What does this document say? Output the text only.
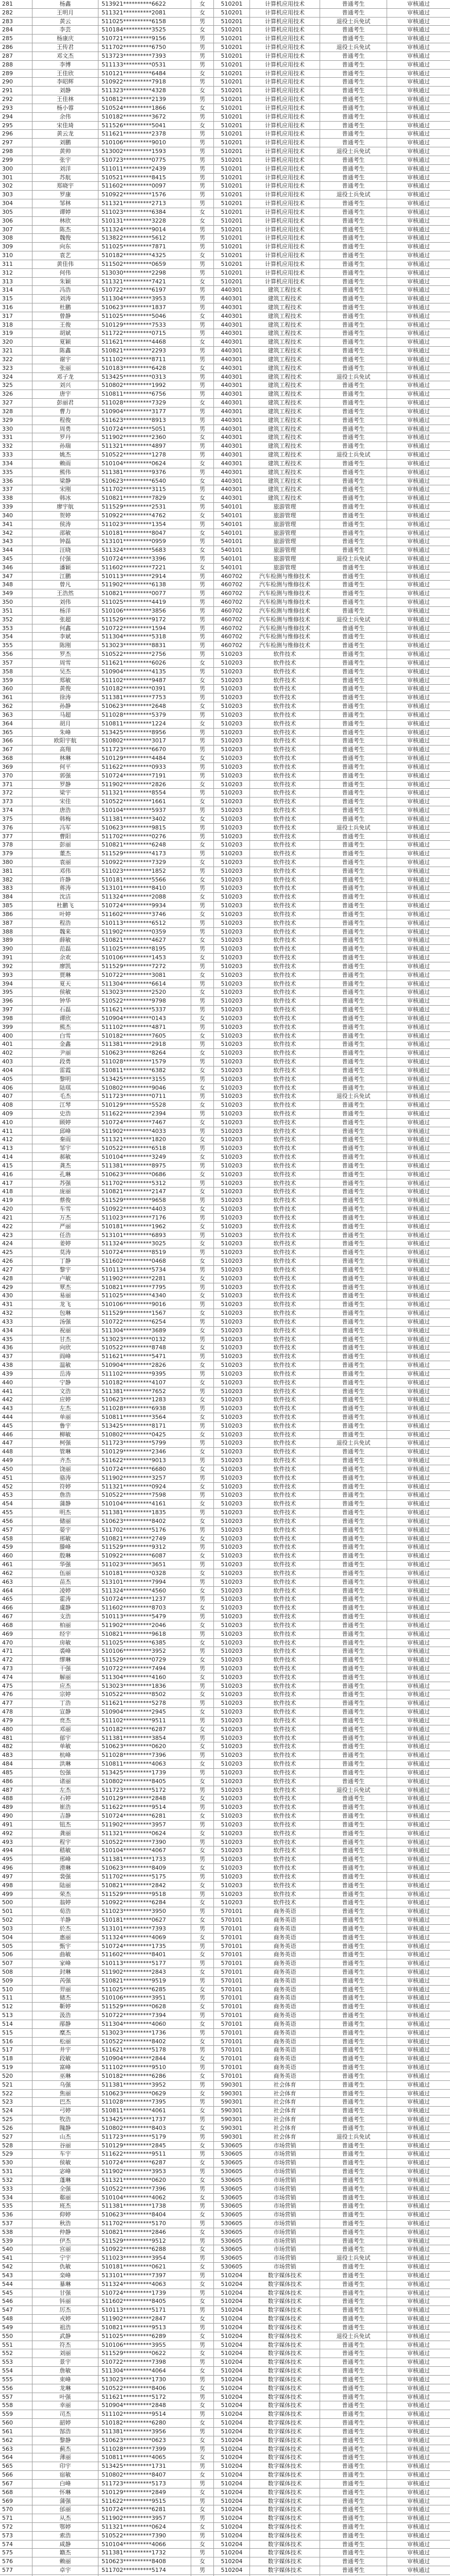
281	杨鑫	513921**********6622	女	510201	计算机应用技术	普通考生	审核通过
282	王明月	511321**********2081	女	510201	计算机应用技术	普通考生	审核通过
283	黄云	511025**********6158	男	510201	计算机应用技术	退役士兵免试	审核通过
284	李芸	510184**********3525	女	510201	计算机应用技术	普通考生	审核通过
285	杨康庆	510721**********9156	男	510201	计算机应用技术	普通考生	审核通过
286	王传君	511702**********6750	男	510201	计算机应用技术	退役士兵免试	审核通过
287	邓文杰	513723**********7393	男	510201	计算机应用技术	普通考生	审核通过
288	李博	511133**********0531	男	510201	计算机应用技术	普通考生	审核通过
289	王佳欣	510121**********6484	女	510201	计算机应用技术	普通考生	审核通过
290	李昭辉	510922**********7918	男	510201	计算机应用技术	普通考生	审核通过
291	刘静	511323**********4328	女	510201	计算机应用技术	普通考生	审核通过
292	王佳林	510812**********2139	男	510201	计算机应用技术	普通考生	审核通过
293	杨小蓉	510524**********1866	女	510201	计算机应用技术	普通考生	审核通过
294	余伟	510182**********3672	男	510201	计算机应用技术	普通考生	审核通过
295	宋佳琦	511526**********5041	女	510201	计算机应用技术	普通考生	审核通过
296	黄云龙	511621**********2378	男	510201	计算机应用技术	普通考生	审核通过
297	刘鹏	510106**********9010	男	510201	计算机应用技术	普通考生	审核通过
298	黄帅	513002**********1593	男	510201	计算机应用技术	退役士兵免试	审核通过
299	张宇	510723**********0775	男	510201	计算机应用技术	普通考生	审核通过
300	刘洋	511011**********2439	男	510201	计算机应用技术	普通考生	审核通过
301	苏航	510521**********8415	男	510201	计算机应用技术	普通考生	审核通过
302	郑晓宇	511602**********0097	男	510201	计算机应用技术	普通考生	审核通过
303	罗康	510922**********1576	男	510201	计算机应用技术	退役士兵免试	审核通过
304	邹林	511321**********2713	男	510201	计算机应用技术	普通考生	审核通过
305	谭婷	511023**********6384	女	510201	计算机应用技术	普通考生	审核通过
306	林欣	510131**********3228	女	510201	计算机应用技术	普通考生	审核通过
307	陈杰	511324**********9014	男	510201	计算机应用技术	普通考生	审核通过
308	魏俊	513822**********5612	男	510201	计算机应用技术	普通考生	审核通过
309	向东	511025**********7871	男	510201	计算机应用技术	普通考生	审核通过
310	袁艺	510182**********4325	女	510201	计算机应用技术	普通考生	审核通过
311	黄佳伟	511502**********0659	男	510201	计算机应用技术	普通考生	审核通过
312	何伟	513030**********2298	男	510201	计算机应用技术	普通考生	审核通过
313	朱颖	511321**********7421	女	510201	计算机应用技术	普通考生	审核通过
314	冯浩	510722**********6197	男	440301	建筑工程技术	普通考生	审核通过
315	刘涛	511304**********3953	男	440301	建筑工程技术	普通考生	审核通过
316	杜鹏	510623**********1837	男	440301	建筑工程技术	普通考生	审核通过
317	曾静	511025**********5046	女	440301	建筑工程技术	普通考生	审核通过
318	王俊	510129**********7533	男	440301	建筑工程技术	普通考生	审核通过
319	胡斌	511722**********0715	男	440301	建筑工程技术	普通考生	审核通过
320	夏颖	511621**********4468	女	440301	建筑工程技术	普通考生	审核通过
321	陈鑫	510821**********2293	男	440301	建筑工程技术	普通考生	审核通过
322	谢宇	511102**********8711	男	440301	建筑工程技术	普通考生	审核通过
323	张丽	510183**********6428	女	440301	建筑工程技术	普通考生	审核通过
324	邓子龙	513425**********0313	男	440301	建筑工程技术	退役士兵免试	审核通过
325	刘兴	510802**********1992	男	440301	建筑工程技术	普通考生	审核通过
326	唐宇	510811**********6756	男	440301	建筑工程技术	普通考生	审核通过
327	彭丽君	511028**********7329	女	440301	建筑工程技术	普通考生	审核通过
328	曹力	510904**********3177	男	440301	建筑工程技术	普通考生	审核通过
329	程俊	511623**********8913	男	440301	建筑工程技术	普通考生	审核通过
330	周勇	510724**********5051	男	440301	建筑工程技术	普通考生	审核通过
331	罗丹	511902**********2360	女	440301	建筑工程技术	普通考生	审核通过
332	孙瑞	511321**********4897	男	440301	建筑工程技术	普通考生	审核通过
333	姚杰	510522**********1278	男	440301	建筑工程技术	退役士兵免试	审核通过
334	赖雨	510104**********0624	女	440301	建筑工程技术	普通考生	审核通过
335	熊伟	511381**********9376	男	440301	建筑工程技术	普通考生	审核通过
336	梁静	510623**********6540	女	440301	建筑工程技术	普通考生	审核通过
337	宋刚	511702**********3115	男	440301	建筑工程技术	普通考生	审核通过
338	韩冰	510821**********7829	女	440301	建筑工程技术	普通考生	审核通过
339	廖宇航	511529**********2531	男	540101	旅游管理	普通考生	审核通过
340	贺婷	510922**********4762	女	540101	旅游管理	普通考生	审核通过
341	侯涛	511023**********1354	男	540101	旅游管理	普通考生	审核通过
342	邵敏	510181**********8047	女	540101	旅游管理	普通考生	审核通过
343	钟磊	513101**********0959	男	540101	旅游管理	普通考生	审核通过
344	汪晓	511324**********5683	女	540101	旅游管理	普通考生	审核通过
345	付强	510724**********3396	男	540101	旅游管理	退役士兵免试	审核通过
346	潘颖	511602**********7221	女	540101	旅游管理	普通考生	审核通过
347	江鹏	510113**********2914	男	460702	汽车检测与维修技术	普通考生	审核通过
348	曾凡	511902**********6138	男	460702	汽车检测与维修技术	普通考生	审核通过
349	王浩然	510821**********0077	男	460702	汽车检测与维修技术	普通考生	审核通过
350	刘伟	511025**********4419	男	460702	汽车检测与维修技术	普通考生	审核通过
351	杨洋	510106**********3856	男	460702	汽车检测与维修技术	普通考生	审核通过
352	张超	511529**********9172	男	460702	汽车检测与维修技术	退役士兵免试	审核通过
353	何鑫	510722**********1594	男	460702	汽车检测与维修技术	普通考生	审核通过
354	李斌	511304**********5318	男	460702	汽车检测与维修技术	普通考生	审核通过
355	陈刚	513023**********8831	男	460702	汽车检测与维修技术	普通考生	审核通过
356	罗杰	510522**********2756	男	510203	软件技术	普通考生	审核通过
357	周雪	511621**********6026	女	510203	软件技术	普通考生	审核通过
358	吴杰	510904**********4135	男	510203	软件技术	普通考生	审核通过
359	郑敏	511102**********9487	女	510203	软件技术	普通考生	审核通过
360	黄俊	510182**********0391	男	510203	软件技术	普通考生	审核通过
361	徐涛	511381**********7753	男	510203	软件技术	普通考生	审核通过
362	孙静	510623**********2648	女	510203	软件技术	普通考生	审核通过
363	马超	511028**********5379	男	510203	软件技术	普通考生	审核通过
364	胡月	510811**********1224	女	510203	软件技术	普通考生	审核通过
365	朱峰	513425**********8956	男	510203	软件技术	普通考生	审核通过
366	欧阳宇航	510802**********3017	男	510203	软件技术	普通考生	审核通过
367	高翔	511723**********6670	男	510203	软件技术	普通考生	审核通过
368	林琳	510129**********4484	女	510203	软件技术	普通考生	审核通过
369	何平	511622**********0933	男	510203	软件技术	普通考生	审核通过
370	郭强	510724**********7191	男	510203	软件技术	普通考生	审核通过
371	罗静	511902**********2826	女	510203	软件技术	普通考生	审核通过
372	梁宇	511321**********8554	男	510203	软件技术	普通考生	审核通过
373	宋佳	510522**********1661	女	510203	软件技术	普通考生	审核通过
374	唐浩	510104**********5937	男	510203	软件技术	普通考生	审核通过
375	韩梅	511381**********3402	女	510203	软件技术	普通考生	审核通过
376	冯军	510623**********9815	男	510203	软件技术	退役士兵免试	审核通过
377	曹阳	511702**********0276	男	510203	软件技术	普通考生	审核通过
378	彭丽	510821**********6248	女	510203	软件技术	普通考生	审核通过
379	董杰	511529**********4173	男	510203	软件技术	普通考生	审核通过
380	袁丽	510922**********7329	女	510203	软件技术	普通考生	审核通过
381	邓伟	511023**********1852	男	510203	软件技术	普通考生	审核通过
382	许静	510181**********5566	女	510203	软件技术	普通考生	审核通过
383	蒋涛	513101**********8410	男	510203	软件技术	普通考生	审核通过
384	沈洁	511324**********2088	女	510203	软件技术	普通考生	审核通过
385	杜鹏飞	510724**********9934	男	510203	软件技术	普通考生	审核通过
386	叶婷	511602**********3746	女	510203	软件技术	普通考生	审核通过
387	程浩	510113**********6512	男	510203	软件技术	普通考生	审核通过
388	魏来	511902**********0359	男	510203	软件技术	普通考生	审核通过
389	薛敏	510821**********4627	女	510203	软件技术	普通考生	审核通过
390	范磊	511025**********8195	男	510203	软件技术	普通考生	审核通过
391	余欢	510106**********1453	女	510203	软件技术	普通考生	审核通过
392	廖凯	511529**********7272	男	510203	软件技术	普通考生	审核通过
393	贾琳	510722**********3081	女	510203	软件技术	普通考生	审核通过
394	夏天	511304**********6614	男	510203	软件技术	普通考生	审核通过
395	侯敏	513023**********2520	女	510203	软件技术	普通考生	审核通过
396	钟华	510522**********9798	男	510203	软件技术	普通考生	审核通过
397	石磊	511621**********5337	男	510203	软件技术	普通考生	审核通过
398	谭欣	510904**********0143	女	510203	软件技术	普通考生	审核通过
399	熊杰	511102**********4871	男	510203	软件技术	普通考生	审核通过
400	白雪	510182**********7605	女	510203	软件技术	普通考生	审核通过
401	金鑫	511381**********2918	男	510203	软件技术	普通考生	审核通过
402	尹丽	510623**********8264	女	510203	软件技术	普通考生	审核通过
403	段勇	511028**********1579	男	510203	软件技术	普通考生	审核通过
404	雷霞	510811**********6382	女	510203	软件技术	普通考生	审核通过
405	黎明	513425**********3155	男	510203	软件技术	普通考生	审核通过
406	陆琪	510802**********9046	女	510203	软件技术	普通考生	审核通过
407	毛杰	511723**********0711	男	510203	软件技术	退役士兵免试	审核通过
408	江琴	510129**********5528	女	510203	软件技术	普通考生	审核通过
409	史浩	511622**********2394	男	510203	软件技术	普通考生	审核通过
410	顾婷	510724**********7467	女	510203	软件技术	普通考生	审核通过
411	邱峰	511902**********4033	男	510203	软件技术	普通考生	审核通过
412	秦雨	511321**********1820	女	510203	软件技术	普通考生	审核通过
413	邹宇	510522**********6518	男	510203	软件技术	普通考生	审核通过
414	郝敏	510104**********3249	女	510203	软件技术	普通考生	审核通过
415	龚杰	511381**********8975	男	510203	软件技术	普通考生	审核通过
416	孔琳	510623**********0686	女	510203	软件技术	普通考生	审核通过
417	苏强	511702**********5312	男	510203	软件技术	普通考生	审核通过
418	庞丽	510821**********2147	女	510203	软件技术	普通考生	审核通过
419	蔡俊	511529**********9658	男	510203	软件技术	普通考生	审核通过
420	车雪	510922**********4403	女	510203	软件技术	普通考生	审核通过
421	万杰	511023**********7176	男	510203	软件技术	普通考生	审核通过
422	严丽	510181**********1962	女	510203	软件技术	普通考生	审核通过
423	任浩	513101**********6893	男	510203	软件技术	普通考生	审核通过
424	姜婷	511324**********3025	女	510203	软件技术	普通考生	审核通过
425	莫涛	510724**********8519	男	510203	软件技术	普通考生	审核通过
426	丁静	511602**********0468	女	510203	软件技术	普通考生	审核通过
427	黎宇	510113**********5734	男	510203	软件技术	普通考生	审核通过
428	卢敏	511902**********2281	女	510203	软件技术	普通考生	审核通过
429	覃杰	510821**********7795	男	510203	软件技术	普通考生	审核通过
430	易丽	511025**********4340	女	510203	软件技术	普通考生	审核通过
431	龙飞	510106**********9016	男	510203	软件技术	普通考生	审核通过
432	包琳	511529**********1567	女	510203	软件技术	普通考生	审核通过
433	汤强	510722**********6254	男	510203	软件技术	普通考生	审核通过
434	祝丽	511304**********3689	女	510203	软件技术	普通考生	审核通过
435	甘杰	513023**********0132	男	510203	软件技术	普通考生	审核通过
436	向欣	510522**********8748	女	510203	软件技术	普通考生	审核通过
437	阎峰	511621**********5471	男	510203	软件技术	普通考生	审核通过
438	温敏	510904**********2826	女	510203	软件技术	普通考生	审核通过
439	岳涛	511102**********9395	男	510203	软件技术	普通考生	审核通过
440	宁静	510182**********4107	女	510203	软件技术	普通考生	审核通过
441	文浩	511381**********7652	男	510203	软件技术	普通考生	审核通过
442	应婷	510623**********1283	女	510203	软件技术	普通考生	审核通过
443	左杰	511028**********6938	男	510203	软件技术	普通考生	审核通过
444	单丽	510811**********3564	女	510203	软件技术	普通考生	审核通过
445	鲁宇	513425**********8171	男	510203	软件技术	普通考生	审核通过
446	柳敏	510802**********0425	女	510203	软件技术	普通考生	审核通过
447	柯强	511723**********5799	男	510203	软件技术	退役士兵免试	审核通过
448	管琳	510129**********2346	女	510203	软件技术	普通考生	审核通过
449	齐杰	511622**********9013	男	510203	软件技术	普通考生	审核通过
450	饶丽	510724**********6680	女	510203	软件技术	普通考生	审核通过
451	骆涛	511902**********3257	男	510203	软件技术	普通考生	审核通过
452	符婷	511321**********0924	女	510203	软件技术	普通考生	审核通过
453	詹浩	510522**********7598	男	510203	软件技术	普通考生	审核通过
454	蒲静	510104**********4161	女	510203	软件技术	普通考生	审核通过
455	明杰	511381**********1835	男	510203	软件技术	普通考生	审核通过
456	储丽	510623**********8402	女	510203	软件技术	普通考生	审核通过
457	晏宇	511702**********5176	男	510203	软件技术	普通考生	审核通过
458	邢敏	510821**********2749	女	510203	软件技术	普通考生	审核通过
459	滕峰	511529**********9312	男	510203	软件技术	普通考生	审核通过
460	殷琳	510922**********6087	女	510203	软件技术	普通考生	审核通过
461	华强	511023**********3651	男	510203	软件技术	普通考生	审核通过
462	伍丽	510181**********0328	女	510203	软件技术	普通考生	审核通过
463	苗杰	513101**********7994	男	510203	软件技术	普通考生	审核通过
464	凌婷	511324**********4560	女	510203	软件技术	普通考生	审核通过
465	霍涛	510724**********1237	男	510203	软件技术	普通考生	审核通过
466	虞静	511602**********8703	女	510203	软件技术	普通考生	审核通过
467	支浩	510113**********5479	男	510203	软件技术	普通考生	审核通过
468	柏丽	511902**********2046	女	510203	软件技术	普通考生	审核通过
469	经宇	510821**********9618	男	510203	软件技术	普通考生	审核通过
470	房敏	511025**********6385	女	510203	软件技术	普通考生	审核通过
471	裘峰	510106**********3952	男	510203	软件技术	普通考生	审核通过
472	缪琳	511529**********0729	女	510203	软件技术	普通考生	审核通过
473	干强	510722**********7494	男	510203	软件技术	普通考生	审核通过
474	解丽	511304**********4160	女	510203	软件技术	普通考生	审核通过
475	应杰	513023**********1836	男	510203	软件技术	普通考生	审核通过
476	宗婷	510522**********8502	女	510203	软件技术	普通考生	审核通过
477	丁浩	511621**********5278	男	510203	软件技术	普通考生	审核通过
478	宣静	510904**********2945	女	510203	软件技术	普通考生	审核通过
479	贲杰	511102**********9511	男	510203	软件技术	普通考生	审核通过
480	邓丽	510182**********6287	女	510203	软件技术	普通考生	审核通过
481	郁宇	511381**********3854	男	510203	软件技术	普通考生	审核通过
482	单敏	510623**********0620	女	510203	软件技术	普通考生	审核通过
483	杭峰	511028**********7396	男	510203	软件技术	普通考生	审核通过
484	洪琳	510811**********4063	女	510203	软件技术	普通考生	审核通过
485	包强	513425**********1739	男	510203	软件技术	普通考生	审核通过
486	诸丽	510802**********8405	女	510203	软件技术	普通考生	审核通过
487	左杰	511723**********5172	男	510203	软件技术	退役士兵免试	审核通过
488	石婷	510129**********2848	女	510203	软件技术	普通考生	审核通过
489	崔浩	511622**********9514	男	510203	软件技术	普通考生	审核通过
490	吉静	510724**********6281	女	510203	软件技术	普通考生	审核通过
491	钮杰	511902**********3957	男	510203	软件技术	普通考生	审核通过
492	龚丽	511321**********0624	女	510203	软件技术	普通考生	审核通过
493	程宇	510522**********7390	男	510203	软件技术	普通考生	审核通过
494	嵇敏	510104**********4067	女	510203	软件技术	普通考生	审核通过
495	邢峰	511381**********1733	男	510203	软件技术	普通考生	审核通过
496	滑琳	510623**********8409	女	510203	软件技术	普通考生	审核通过
497	裴强	511702**********5175	男	510203	软件技术	普通考生	审核通过
498	陆丽	510821**********2842	女	510203	软件技术	普通考生	审核通过
499	荣杰	511529**********9518	男	510203	软件技术	普通考生	审核通过
500	翁婷	510922**********6284	女	510203	软件技术	普通考生	审核通过
501	荀浩	511023**********3950	男	570101	商务英语	普通考生	审核通过
502	羊静	510181**********0627	女	570101	商务英语	普通考生	审核通过
503	於杰	513101**********7393	男	570101	商务英语	普通考生	审核通过
504	惠丽	511324**********4069	女	570101	商务英语	普通考生	审核通过
505	甄宇	510724**********1735	男	570101	商务英语	普通考生	审核通过
506	曲敏	511602**********8401	女	570101	商务英语	普通考生	审核通过
507	家峰	510113**********5177	男	570101	商务英语	普通考生	审核通过
508	封琳	511902**********2843	女	570101	商务英语	普通考生	审核通过
509	芮强	510821**********9519	男	570101	商务英语	普通考生	审核通过
510	羿丽	511025**********6285	女	570101	商务英语	普通考生	审核通过
511	储杰	510106**********3951	男	570101	商务英语	普通考生	审核通过
512	靳婷	511529**********0628	女	570101	商务英语	普通考生	审核通过
513	汲浩	510722**********7394	男	570101	商务英语	普通考生	审核通过
514	邴静	511304**********4060	女	570101	商务英语	普通考生	审核通过
515	糜杰	513023**********1736	男	570101	商务英语	普通考生	审核通过
516	松丽	510522**********8402	女	570101	商务英语	普通考生	审核通过
517	井宇	511621**********5178	男	570101	商务英语	普通考生	审核通过
518	段敏	510904**********2844	女	570101	商务英语	普通考生	审核通过
519	富峰	511102**********9510	男	570101	商务英语	普通考生	审核通过
520	巫琳	510182**********6286	女	570101	商务英语	普通考生	审核通过
521	乌强	511381**********3952	男	590301	社会体育	普通考生	审核通过
522	焦丽	510623**********0629	女	590301	社会体育	普通考生	审核通过
523	巴杰	511028**********7395	男	590301	社会体育	普通考生	审核通过
524	弓婷	510811**********4061	女	590301	社会体育	普通考生	审核通过
525	牧浩	513425**********1737	男	590301	社会体育	普通考生	审核通过
526	隗静	510802**********8403	女	590301	社会体育	普通考生	审核通过
527	山杰	511723**********5179	男	590301	社会体育	退役士兵免试	审核通过
528	谷丽	510129**********2845	女	530605	市场营销	普通考生	审核通过
529	车宇	511622**********9511	男	530605	市场营销	普通考生	审核通过
530	侯敏	510724**********6287	女	530605	市场营销	普通考生	审核通过
531	宓峰	511902**********3953	男	530605	市场营销	普通考生	审核通过
532	蓬琳	511321**********0620	女	530605	市场营销	普通考生	审核通过
533	全强	510522**********7396	男	530605	市场营销	普通考生	审核通过
534	郗丽	510104**********4062	女	530605	市场营销	普通考生	审核通过
535	班杰	511381**********1738	男	530605	市场营销	普通考生	审核通过
536	仰婷	510623**********8404	女	530605	市场营销	普通考生	审核通过
537	秋浩	511702**********5170	男	530605	市场营销	普通考生	审核通过
538	仲静	510821**********2846	女	530605	市场营销	普通考生	审核通过
539	伊杰	511529**********9512	男	530605	市场营销	普通考生	审核通过
540	宫丽	510922**********6288	女	530605	市场营销	普通考生	审核通过
541	宁宇	511023**********3954	男	530605	市场营销	退役士兵免试	审核通过
542	仇敏	510181**********0621	女	530605	市场营销	普通考生	审核通过
543	栾峰	513101**********7397	男	510204	数字媒体技术	普通考生	审核通过
544	暴琳	511324**********4063	女	510204	数字媒体技术	普通考生	审核通过
545	甘强	510724**********1739	男	510204	数字媒体技术	普通考生	审核通过
546	钭丽	511602**********8405	女	510204	数字媒体技术	普通考生	审核通过
547	厉杰	510113**********5171	男	510204	数字媒体技术	普通考生	审核通过
548	戎婷	511902**********2847	女	510204	数字媒体技术	普通考生	审核通过
549	祖浩	510821**********9513	男	510204	数字媒体技术	普通考生	审核通过
550	武静	511025**********6289	女	510204	数字媒体技术	退役士兵免试	审核通过
551	符杰	510106**********3955	男	510204	数字媒体技术	普通考生	审核通过
552	刘丽	511529**********0622	女	510204	数字媒体技术	普通考生	审核通过
553	景宇	510722**********7398	男	510204	数字媒体技术	普通考生	审核通过
554	詹敏	511304**********4064	女	510204	数字媒体技术	普通考生	审核通过
555	束峰	513023**********1730	男	510204	数字媒体技术	普通考生	审核通过
556	龙琳	510522**********8406	女	510204	数字媒体技术	普通考生	审核通过
557	叶强	511621**********5172	男	510204	数字媒体技术	普通考生	审核通过
558	幸丽	510904**********2848	女	510204	数字媒体技术	普通考生	审核通过
559	司杰	511102**********9514	男	510204	数字媒体技术	普通考生	审核通过
560	韶婷	510182**********6280	女	510204	数字媒体技术	普通考生	审核通过
561	郜浩	511381**********3956	男	510204	数字媒体技术	普通考生	审核通过
562	黎静	510623**********0623	女	510204	数字媒体技术	普通考生	审核通过
563	蓟杰	511028**********7399	男	510204	数字媒体技术	普通考生	审核通过
564	薄丽	510811**********4065	女	510204	数字媒体技术	普通考生	审核通过
565	印宇	513425**********1731	男	510204	数字媒体技术	普通考生	审核通过
566	宿敏	510802**********8407	女	510204	数字媒体技术	普通考生	审核通过
567	白峰	511723**********5173	男	510204	数字媒体技术	普通考生	审核通过
568	怀琳	510129**********2849	女	510204	数字媒体技术	普通考生	审核通过
569	蒲强	511622**********9515	男	510204	数字媒体技术	普通考生	审核通过
570	邰丽	510724**********6281	女	510204	数字媒体技术	普通考生	审核通过
571	从杰	511902**********3957	男	510204	数字媒体技术	普通考生	审核通过
572	鄂婷	511321**********0624	女	510204	数字媒体技术	普通考生	审核通过
573	索浩	510522**********7390	男	510204	数字媒体技术	普通考生	审核通过
574	咸静	510104**********4066	女	510204	数字媒体技术	普通考生	审核通过
575	籍杰	511381**********1732	男	510204	数字媒体技术	普通考生	审核通过
576	赖丽	510623**********8408	女	510204	数字媒体技术	普通考生	审核通过
577	卓宇	511702**********5174	男	510204	数字媒体技术	普通考生	审核通过
